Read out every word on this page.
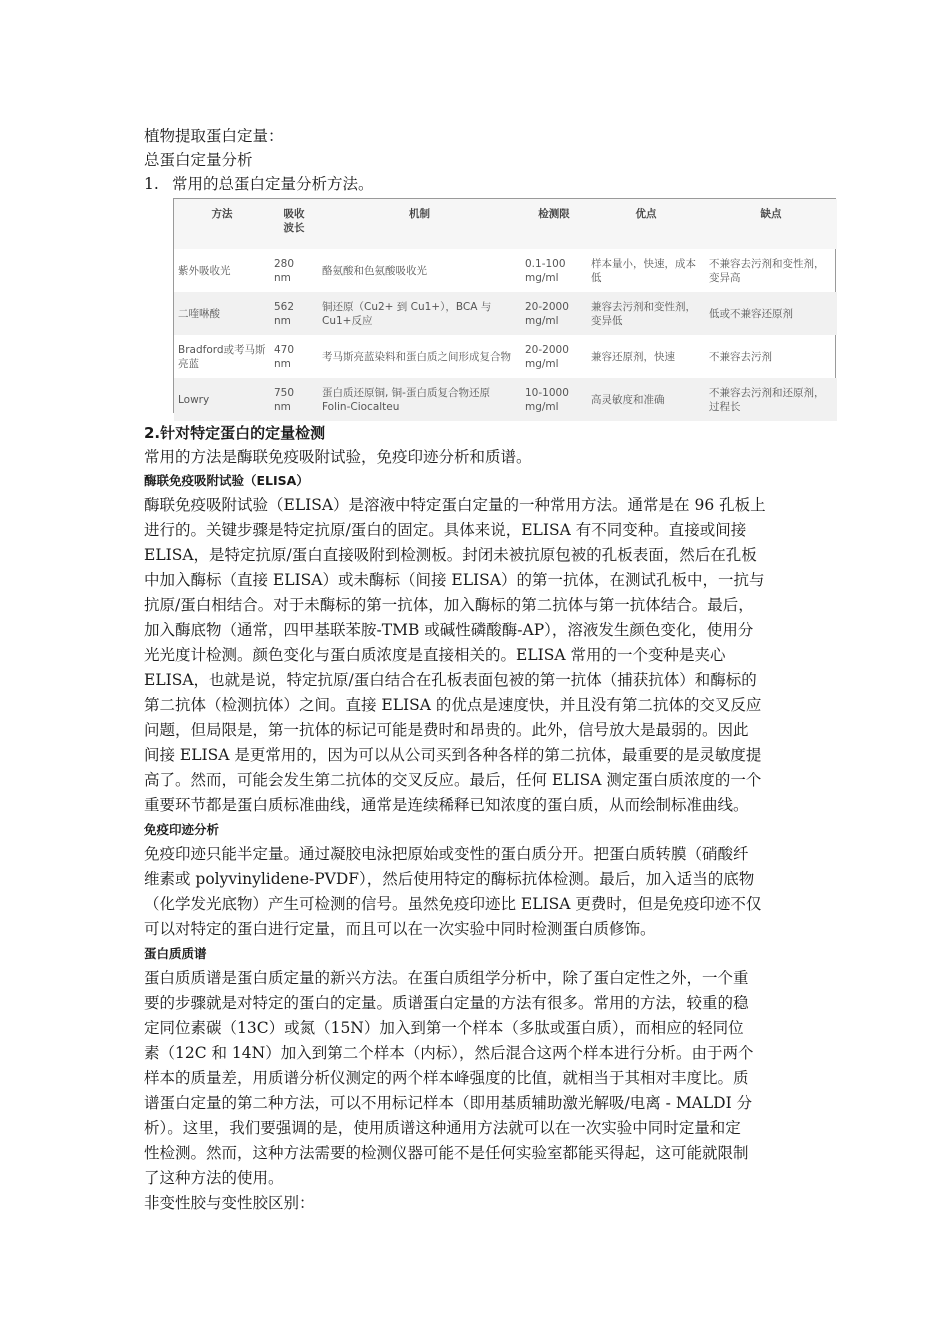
植物提取蛋白定量：
总蛋白定量分析
1. 常用的总蛋白定量分析方法。
方法	吸收波长	机制	检测限	优点	缺点
紫外吸收光	280 nm	酪氨酸和色氨酸吸收光	0.1-100 mg/ml	样本量小，快速，成本低	不兼容去污剂和变性剂，变异高
二喹啉酸	562 nm	铜还原（Cu2+ 到 Cu1+），BCA 与 Cu1+反应	20-2000 mg/ml	兼容去污剂和变性剂，变异低	低或不兼容还原剂
Bradford或考马斯亮蓝	470 nm	考马斯亮蓝染料和蛋白质之间形成复合物	20-2000 mg/ml	兼容还原剂，快速	不兼容去污剂
Lowry	750 nm	蛋白质还原铜, 铜-蛋白质复合物还原 Folin-Ciocalteu	10-1000 mg/ml	高灵敏度和准确	不兼容去污剂和还原剂，过程长
2.针对特定蛋白的定量检测
常用的方法是酶联免疫吸附试验，免疫印迹分析和质谱。
酶联免疫吸附试验（ELISA）
酶联免疫吸附试验（ELISA）是溶液中特定蛋白定量的一种常用方法。通常是在 96 孔板上
进行的。关键步骤是特定抗原/蛋白的固定。具体来说，ELISA 有不同变种。直接或间接
ELISA，是特定抗原/蛋白直接吸附到检测板。封闭未被抗原包被的孔板表面，然后在孔板
中加入酶标（直接 ELISA）或未酶标（间接 ELISA）的第一抗体，在测试孔板中，一抗与
抗原/蛋白相结合。对于未酶标的第一抗体，加入酶标的第二抗体与第一抗体结合。最后，
加入酶底物（通常，四甲基联苯胺-TMB 或碱性磷酸酶-AP），溶液发生颜色变化，使用分
光光度计检测。颜色变化与蛋白质浓度是直接相关的。ELISA 常用的一个变种是夹心
ELISA，也就是说，特定抗原/蛋白结合在孔板表面包被的第一抗体（捕获抗体）和酶标的
第二抗体（检测抗体）之间。直接 ELISA 的优点是速度快，并且没有第二抗体的交叉反应
问题，但局限是，第一抗体的标记可能是费时和昂贵的。此外，信号放大是最弱的。因此
间接 ELISA 是更常用的，因为可以从公司买到各种各样的第二抗体，最重要的是灵敏度提
高了。然而，可能会发生第二抗体的交叉反应。最后，任何 ELISA 测定蛋白质浓度的一个
重要环节都是蛋白质标准曲线，通常是连续稀释已知浓度的蛋白质，从而绘制标准曲线。
免疫印迹分析
免疫印迹只能半定量。通过凝胶电泳把原始或变性的蛋白质分开。把蛋白质转膜（硝酸纤
维素或 polyvinylidene-PVDF），然后使用特定的酶标抗体检测。最后，加入适当的底物
（化学发光底物）产生可检测的信号。虽然免疫印迹比 ELISA 更费时，但是免疫印迹不仅
可以对特定的蛋白进行定量，而且可以在一次实验中同时检测蛋白质修饰。
蛋白质质谱
蛋白质质谱是蛋白质定量的新兴方法。在蛋白质组学分析中，除了蛋白定性之外，一个重
要的步骤就是对特定的蛋白的定量。质谱蛋白定量的方法有很多。常用的方法，较重的稳
定同位素碳（13C）或氮（15N）加入到第一个样本（多肽或蛋白质），而相应的轻同位
素（12C 和 14N）加入到第二个样本（内标），然后混合这两个样本进行分析。由于两个
样本的质量差，用质谱分析仪测定的两个样本峰强度的比值，就相当于其相对丰度比。质
谱蛋白定量的第二种方法，可以不用标记样本（即用基质辅助激光解吸/电离 - MALDI 分
析）。这里，我们要强调的是，使用质谱这种通用方法就可以在一次实验中同时定量和定
性检测。然而，这种方法需要的检测仪器可能不是任何实验室都能买得起，这可能就限制
了这种方法的使用。
非变性胶与变性胶区别：
